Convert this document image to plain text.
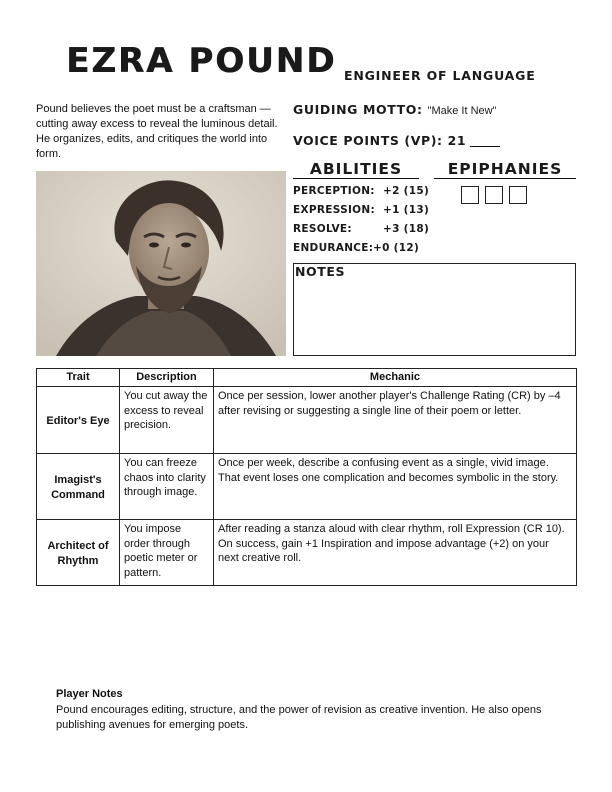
EZRA POUND ENGINEER OF LANGUAGE
Pound believes the poet must be a craftsman — cutting away excess to reveal the luminous detail. He organizes, edits, and critiques the world into form.
GUIDING MOTTO: "Make It New"
VOICE POINTS (VP): 21
ABILITIES	EPIPHANIES
PERCEPTION: +2 (15)
EXPRESSION: +1 (13)
RESOLVE:	+3 (18)
ENDURANCE: +0 (12)
NOTES
Trait	Description	Mechanic
Editor's Eye	You cut away the excess to reveal precision.	Once per session, lower another player's Challenge Rating (CR) by –4 after revising or suggesting a single line of their poem or letter.
Imagist's Command	You can freeze chaos into clarity through image.	Once per week, describe a confusing event as a single, vivid image. That event loses one complication and becomes symbolic in the story.
Architect of Rhythm	You impose order through poetic meter or pattern.	After reading a stanza aloud with clear rhythm, roll Expression (CR 10). On success, gain +1 Inspiration and impose advantage (+2) on your next creative roll.
Player Notes
Pound encourages editing, structure, and the power of revision as creative invention. He also opens publishing avenues for emerging poets.
